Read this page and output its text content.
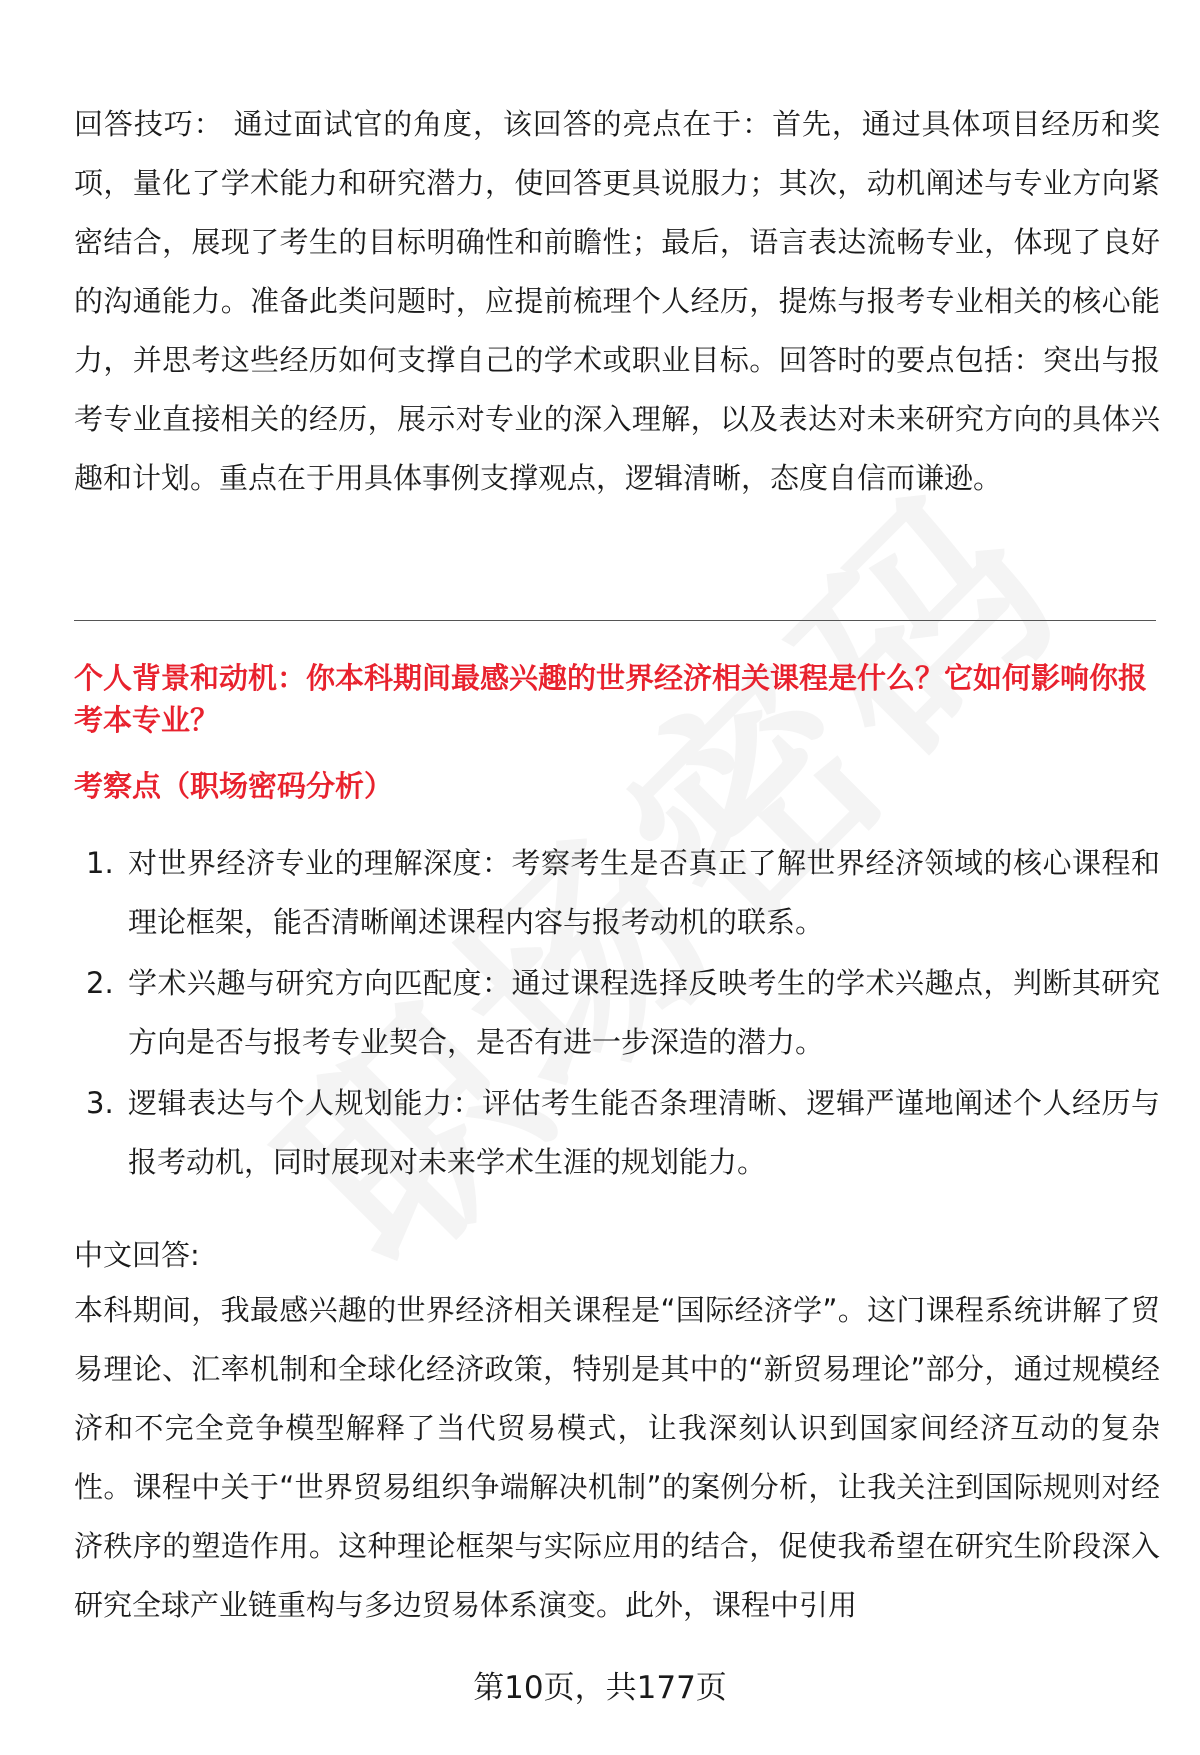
回答技巧： 通过面试官的角度，该回答的亮点在于：首先，通过具体项目经历和奖项，量化了学术能力和研究潜力，使回答更具说服力；其次，动机阐述与专业方向紧密结合，展现了考生的目标明确性和前瞻性；最后，语言表达流畅专业，体现了良好的沟通能力。准备此类问题时，应提前梳理个人经历，提炼与报考专业相关的核心能力，并思考这些经历如何支撑自己的学术或职业目标。回答时的要点包括：突出与报考专业直接相关的经历，展示对专业的深入理解，以及表达对未来研究方向的具体兴趣和计划。重点在于用具体事例支撑观点，逻辑清晰，态度自信而谦逊。

个人背景和动机：你本科期间最感兴趣的世界经济相关课程是什么？它如何影响你报考本专业？

考察点（职场密码分析）

1. 对世界经济专业的理解深度：考察考生是否真正了解世界经济领域的核心课程和理论框架，能否清晰阐述课程内容与报考动机的联系。
2. 学术兴趣与研究方向匹配度：通过课程选择反映考生的学术兴趣点，判断其研究方向是否与报考专业契合，是否有进一步深造的潜力。
3. 逻辑表达与个人规划能力：评估考生能否条理清晰、逻辑严谨地阐述个人经历与报考动机，同时展现对未来学术生涯的规划能力。

中文回答:

本科期间，我最感兴趣的世界经济相关课程是“国际经济学”。这门课程系统讲解了贸易理论、汇率机制和全球化经济政策，特别是其中的“新贸易理论”部分，通过规模经济和不完全竞争模型解释了当代贸易模式，让我深刻认识到国家间经济互动的复杂性。课程中关于“世界贸易组织争端解决机制”的案例分析，让我关注到国际规则对经济秩序的塑造作用。这种理论框架与实际应用的结合，促使我希望在研究生阶段深入研究全球产业链重构与多边贸易体系演变。此外，课程中引用

第10页，共177页
